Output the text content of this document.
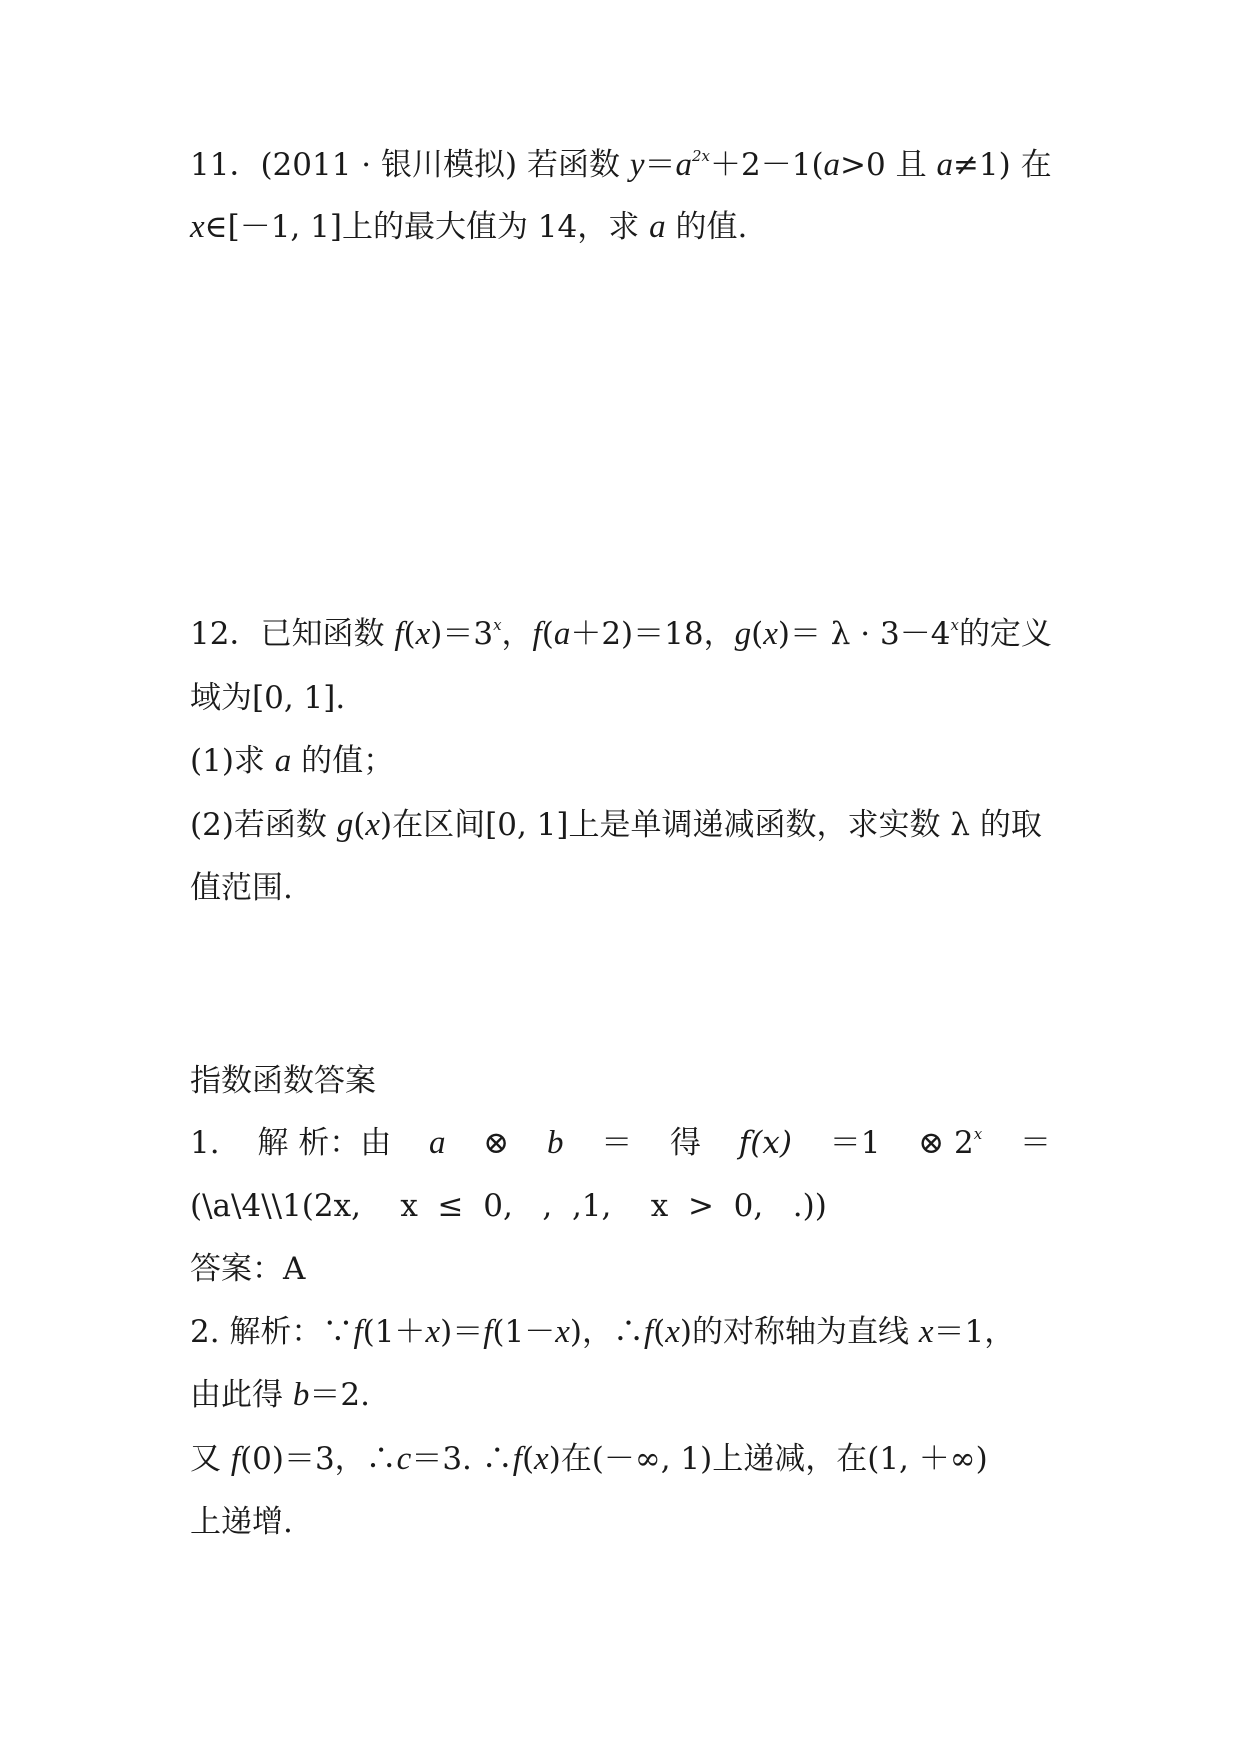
11．(2011 · 银川模拟) 若函数 $y=a^{2x}+2-1(a>0$ 且 a≠1) 在
x∈[－1, 1]上的最大值为 14，求 a 的值.
12．已知函数 $f(x)=3^x$，f(a＋2)＝18，$g(x)= \lambda \cdot 3-4^x$的定义
域为[0, 1].
(1)求 a 的值；
(2)若函数 g(x)在区间[0, 1]上是单调递减函数，求实数 λ 的取
值范围.
指数函数答案
1. 解 析：由 a ⊗ b ＝ 得 f(x) ＝1 ⊗ $2^x$ ＝
(\a\4\\1(2x,    x  ≤  0,   ,  ,1,    x  >  0,   .))
答案：A
2. 解析：∵f(1＋x)＝f(1－x)，∴f(x)的对称轴为直线 x＝1，
由此得 b＝2.
又 f(0)＝3，∴c＝3. ∴f(x)在(－∞, 1)上递减，在(1, ＋∞)
上递增.
